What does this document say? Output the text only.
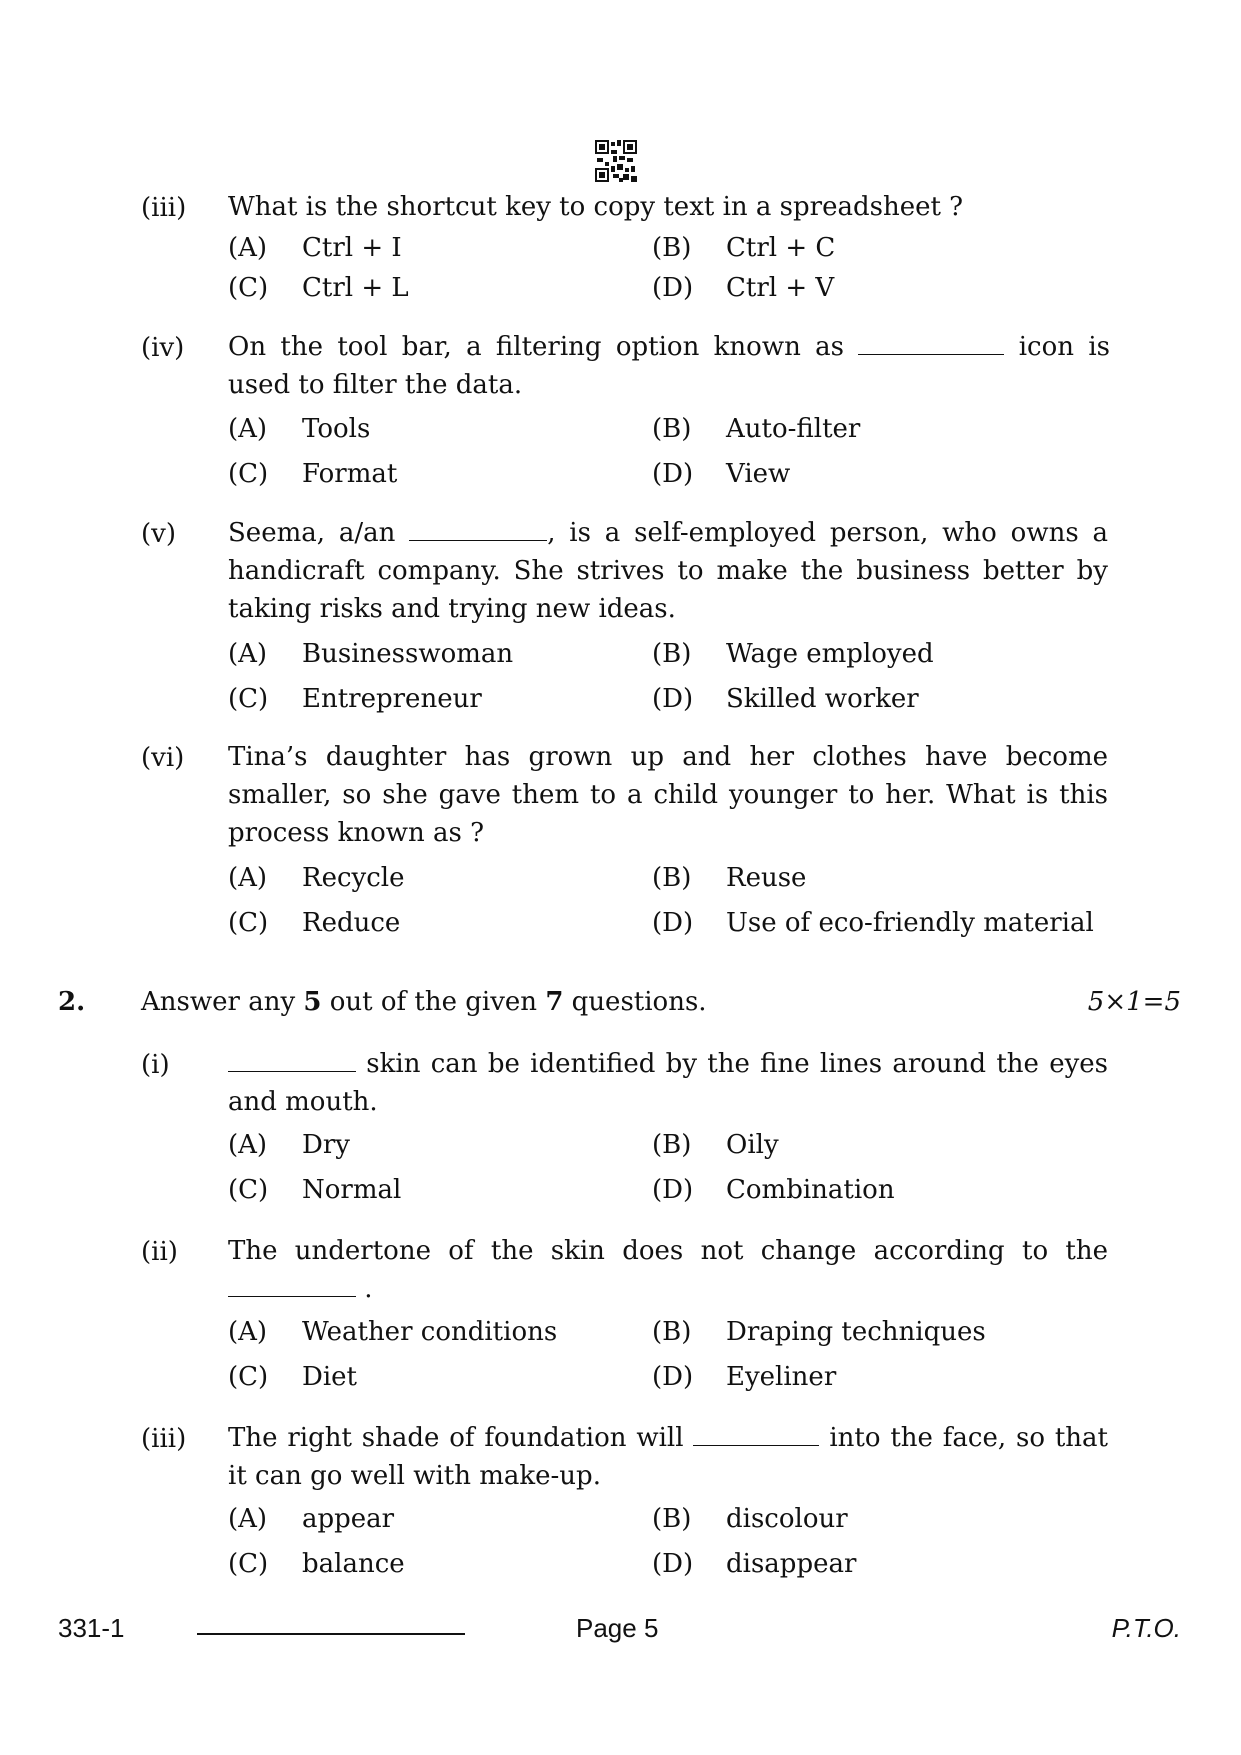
(iii) What is the shortcut key to copy text in a spreadsheet ?
(A) Ctrl + I	(B) Ctrl + C
(C) Ctrl + L	(D) Ctrl + V
(iv) On the tool bar, a filtering option known as	icon is used to filter the data.
(A) Tools	(B) Auto-filter
(C) Format	(D) View
(v) Seema, a/an	, is a self-employed person, who owns a handicraft company. She strives to make the business better by taking risks and trying new ideas.
(A) Businesswoman	(B) Wage employed
(C) Entrepreneur	(D) Skilled worker
(vi) Tina’s daughter has grown up and her clothes have become smaller, so she gave them to a child younger to her. What is this process known as ?
(A) Recycle	(B) Reuse
(C) Reduce	(D) Use of eco-friendly material
2. Answer any 5 out of the given 7 questions.	5×1=5
(i)	skin can be identified by the fine lines around the eyes and mouth.
(A) Dry	(B) Oily
(C) Normal	(D) Combination
(ii) The undertone of the skin does not change according to the
.
(A) Weather conditions	(B) Draping techniques
(C) Diet	(D) Eyeliner
(iii) The right shade of foundation will	into the face, so that it can go well with make-up.
(A) appear	(B) discolour
(C) balance	(D) disappear
331-1	Page 5	P.T.O.
